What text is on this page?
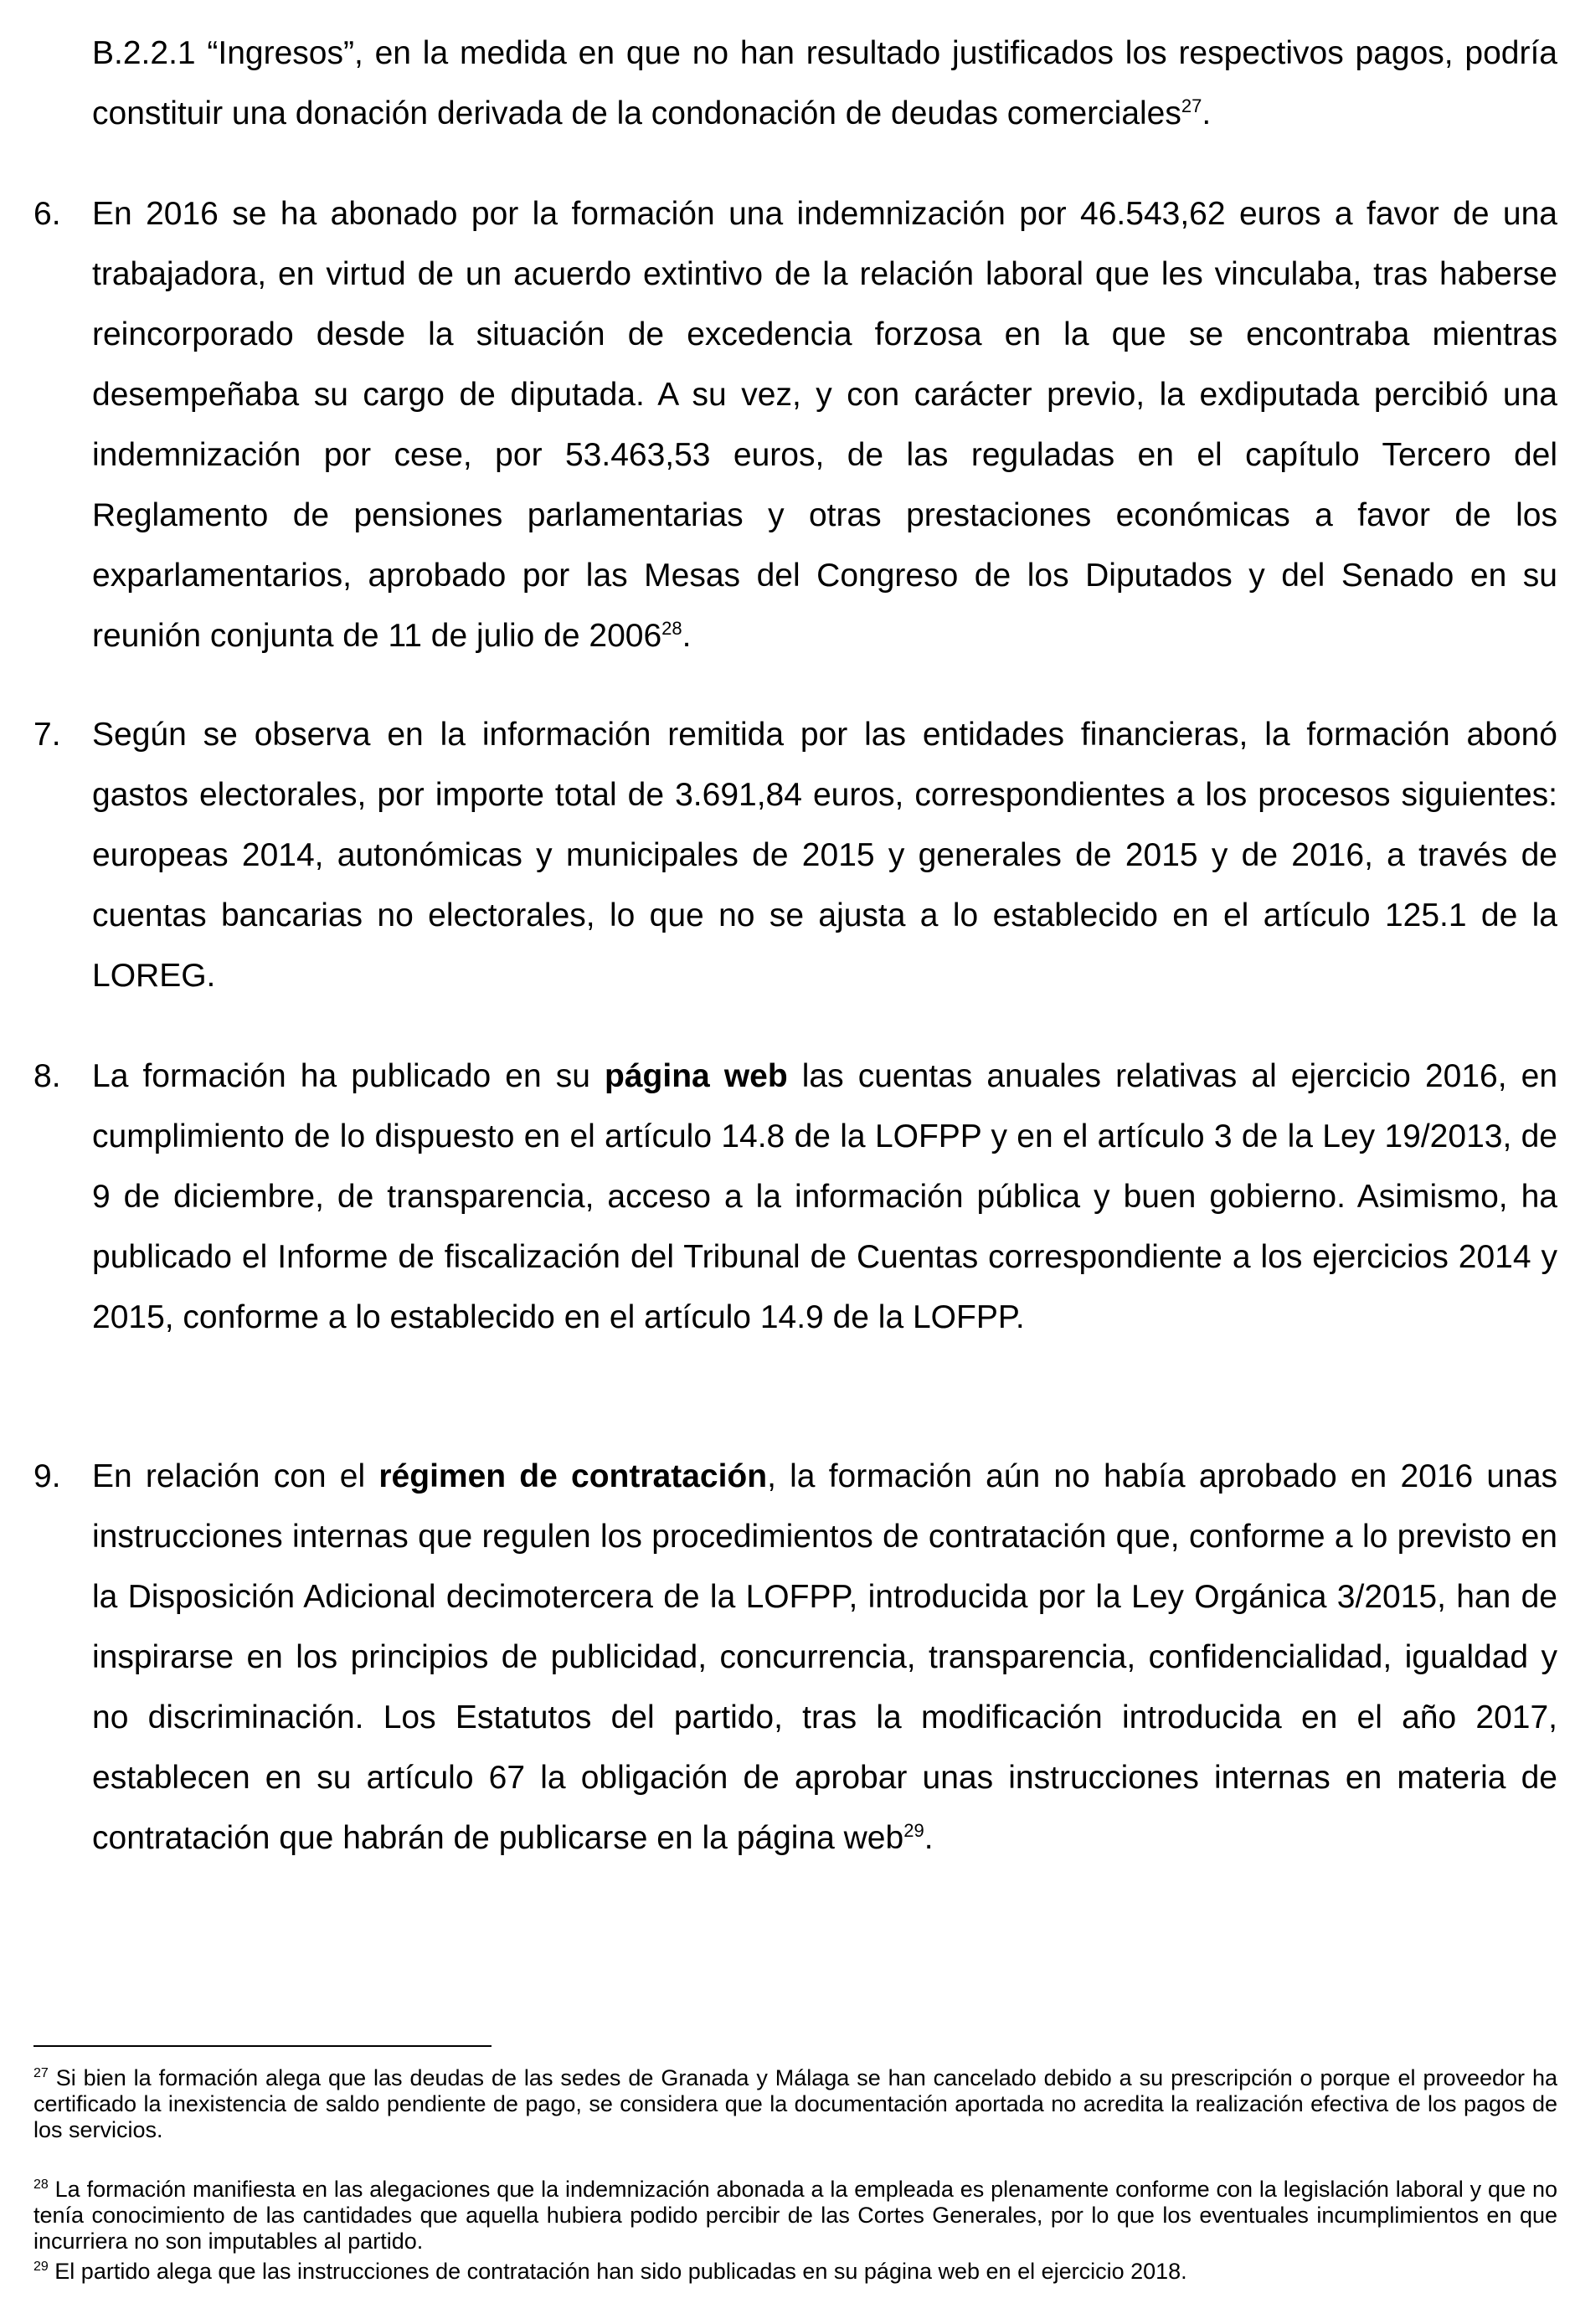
B.2.2.1 “Ingresos”, en la medida en que no han resultado justificados los respectivos pagos, podría constituir una donación derivada de la condonación de deudas comerciales$^{27}$.

6. En 2016 se ha abonado por la formación una indemnización por 46.543,62 euros a favor de una trabajadora, en virtud de un acuerdo extintivo de la relación laboral que les vinculaba, tras haberse reincorporado desde la situación de excedencia forzosa en la que se encontraba mientras desempeñaba su cargo de diputada. A su vez, y con carácter previo, la exdiputada percibió una indemnización por cese, por 53.463,53 euros, de las reguladas en el capítulo Tercero del Reglamento de pensiones parlamentarias y otras prestaciones económicas a favor de los exparlamentarios, aprobado por las Mesas del Congreso de los Diputados y del Senado en su reunión conjunta de 11 de julio de 2006$^{28}$.

7. Según se observa en la información remitida por las entidades financieras, la formación abonó gastos electorales, por importe total de 3.691,84 euros, correspondientes a los procesos siguientes: europeas 2014, autonómicas y municipales de 2015 y generales de 2015 y de 2016, a través de cuentas bancarias no electorales, lo que no se ajusta a lo establecido en el artículo 125.1 de la LOREG.

8. La formación ha publicado en su página web las cuentas anuales relativas al ejercicio 2016, en cumplimiento de lo dispuesto en el artículo 14.8 de la LOFPP y en el artículo 3 de la Ley 19/2013, de 9 de diciembre, de transparencia, acceso a la información pública y buen gobierno. Asimismo, ha publicado el Informe de fiscalización del Tribunal de Cuentas correspondiente a los ejercicios 2014 y 2015, conforme a lo establecido en el artículo 14.9 de la LOFPP.

9. En relación con el régimen de contratación, la formación aún no había aprobado en 2016 unas instrucciones internas que regulen los procedimientos de contratación que, conforme a lo previsto en la Disposición Adicional decimotercera de la LOFPP, introducida por la Ley Orgánica 3/2015, han de inspirarse en los principios de publicidad, concurrencia, transparencia, confidencialidad, igualdad y no discriminación. Los Estatutos del partido, tras la modificación introducida en el año 2017, establecen en su artículo 67 la obligación de aprobar unas instrucciones internas en materia de contratación que habrán de publicarse en la página web$^{29}$.

$^{27}$ Si bien la formación alega que las deudas de las sedes de Granada y Málaga se han cancelado debido a su prescripción o porque el proveedor ha certificado la inexistencia de saldo pendiente de pago, se considera que la documentación aportada no acredita la realización efectiva de los pagos de los servicios.

$^{28}$ La formación manifiesta en las alegaciones que la indemnización abonada a la empleada es plenamente conforme con la legislación laboral y que no tenía conocimiento de las cantidades que aquella hubiera podido percibir de las Cortes Generales, por lo que los eventuales incumplimientos en que incurriera no son imputables al partido.

$^{29}$ El partido alega que las instrucciones de contratación han sido publicadas en su página web en el ejercicio 2018.
